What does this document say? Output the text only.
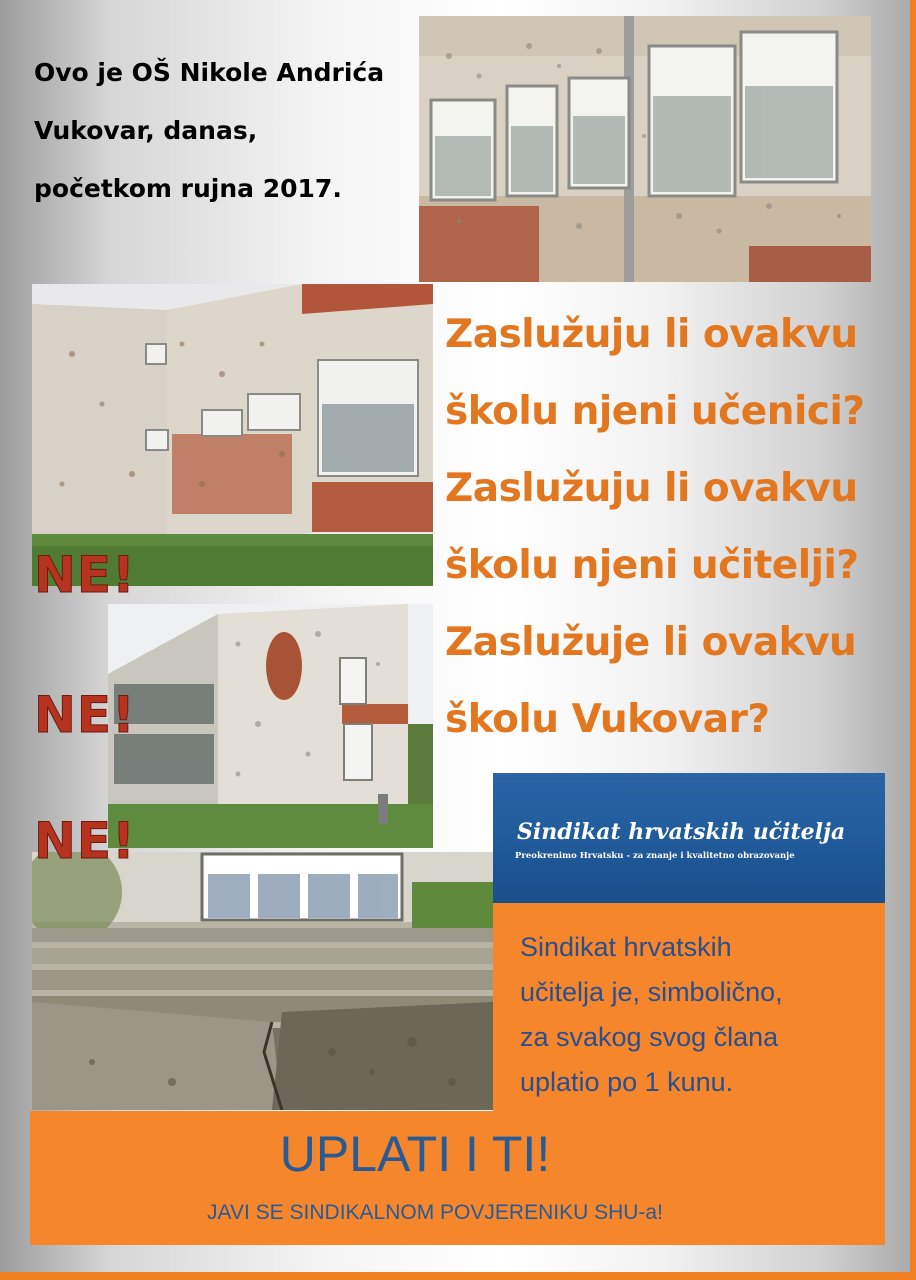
Ovo je OŠ Nikole Andrića
Vukovar, danas,
početkom rujna 2017.
Zaslužuju li ovakvu
školu njeni učenici?
Zaslužuju li ovakvu
školu njeni učitelji?
Zaslužuje li ovakvu
školu Vukovar?
NE!
NE!
NE!	Sindikat hrvatskih učitelja
Preokrenimo Hrvatsku - za znanje i kvalitetno obrazovanje
Sindikat hrvatskih
učitelja je, simbolično,
za svakog svog člana
uplatio po 1 kunu.
UPLATI I TI!
JAVI SE SINDIKALNOM POVJERENIKU SHU-a!
